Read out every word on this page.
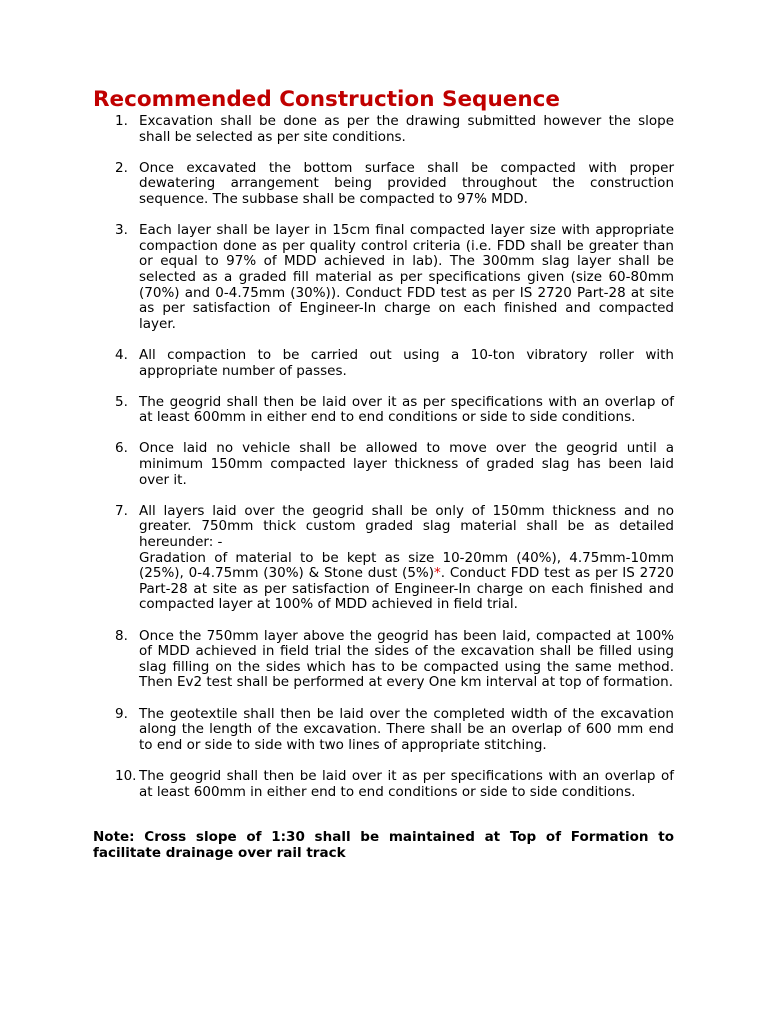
Recommended Construction Sequence
1. Excavation shall be done as per the drawing submitted however the slope shall be selected as per site conditions.
2. Once excavated the bottom surface shall be compacted with proper dewatering arrangement being provided throughout the construction sequence. The subbase shall be compacted to 97% MDD.
3. Each layer shall be layer in 15cm final compacted layer size with appropriate compaction done as per quality control criteria (i.e. FDD shall be greater than or equal to 97% of MDD achieved in lab). The 300mm slag layer shall be selected as a graded fill material as per specifications given (size 60-80mm (70%) and 0-4.75mm (30%)). Conduct FDD test as per IS 2720 Part-28 at site as per satisfaction of Engineer-In charge on each finished and compacted layer.
4. All compaction to be carried out using a 10-ton vibratory roller with appropriate number of passes.
5. The geogrid shall then be laid over it as per specifications with an overlap of at least 600mm in either end to end conditions or side to side conditions.
6. Once laid no vehicle shall be allowed to move over the geogrid until a minimum 150mm compacted layer thickness of graded slag has been laid over it.
7. All layers laid over the geogrid shall be only of 150mm thickness and no greater. 750mm thick custom graded slag material shall be as detailed hereunder: -
Gradation of material to be kept as size 10-20mm (40%), 4.75mm-10mm (25%), 0-4.75mm (30%) & Stone dust (5%)*. Conduct FDD test as per IS 2720 Part-28 at site as per satisfaction of Engineer-In charge on each finished and compacted layer at 100% of MDD achieved in field trial.
8. Once the 750mm layer above the geogrid has been laid, compacted at 100% of MDD achieved in field trial the sides of the excavation shall be filled using slag filling on the sides which has to be compacted using the same method. Then Ev2 test shall be performed at every One km interval at top of formation.
9. The geotextile shall then be laid over the completed width of the excavation along the length of the excavation. There shall be an overlap of 600 mm end to end or side to side with two lines of appropriate stitching.
10. The geogrid shall then be laid over it as per specifications with an overlap of at least 600mm in either end to end conditions or side to side conditions.

Note: Cross slope of 1:30 shall be maintained at Top of Formation to facilitate drainage over rail track
